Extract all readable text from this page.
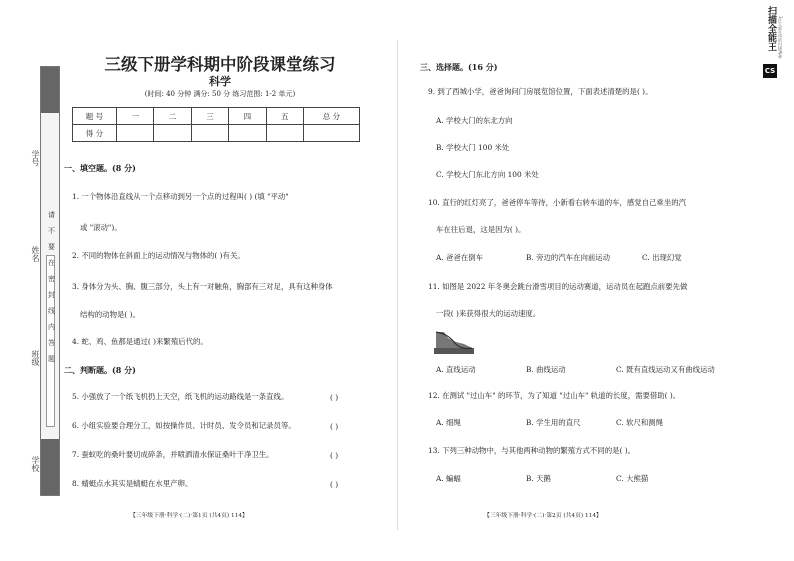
学号
姓名
班级
学校
请
不
要
在
密
封
线
内
答
题
三级下册学科期中阶段课堂练习
科学
(时间: 40 分钟 满分: 50 分 练习范围: 1-2 单元)
题 号	一	二	三	四	五	总 分
得 分						
一、填空题。(8 分)
1. 一个物体沿直线从一个点移动到另一个点的过程叫( ) (填 "平动"
或 "滚动")。
2. 不同的物体在斜面上的运动情况与物体的( )有关。
3. 身体分为头、胸、腹三部分，头上有一对触角，胸部有三对足，具有这种身体
结构的动物是( )。
4. 蛇、鸡、鱼都是通过( )来繁殖后代的。
二、判断题。(8 分)
5. 小强放了一个纸飞机扔上天空，纸飞机的运动路线是一条直线。	( )
6. 小组实验要合理分工，如按操作员、计时员、发令员和记录员等。	( )
7. 蚕蚁吃的桑叶要切成碎条，并喷洒清水保证桑叶干净卫生。	( )
8. 蜻蜓点水其实是蜻蜓在水里产卵。	( )
【三年级下册·科学·(二)·第1页 (共4页) 114】
三、选择题。(16 分)
9. 到了西城小学，爸爸询问门房展览馆位置，下面表述清楚的是( )。
A. 学校大门的东北方向
B. 学校大门 100 米处
C. 学校大门东北方向 100 米处
10. 直行的红灯亮了，爸爸停车等待，小新看右转车道的车，感觉自己乘坐的汽
车在往后退，这是因为( )。
A. 爸爸在倒车	B. 旁边的汽车在向前运动	C. 出现幻觉
11. 如图是 2022 年冬奥会跳台滑雪项目的运动赛道，运动员在起跑点前要先做
一段( )来获得很大的运动速度。
A. 直线运动	B. 曲线运动	C. 既有直线运动又有曲线运动
12. 在测试 "过山车" 的环节，为了知道 "过山车" 轨道的长度，需要借助( )。
A. 细绳	B. 学生用的直尺	C. 软尺和测绳
13. 下列三种动物中，与其他两种动物的繁殖方式不同的是( )。
A. 蝙蝠	B. 天鹅	C. 大熊猫
【三年级下册·科学·(二)·第2页 (共4页) 114】
扫描全能王 3亿人都在用的扫描App
CS
